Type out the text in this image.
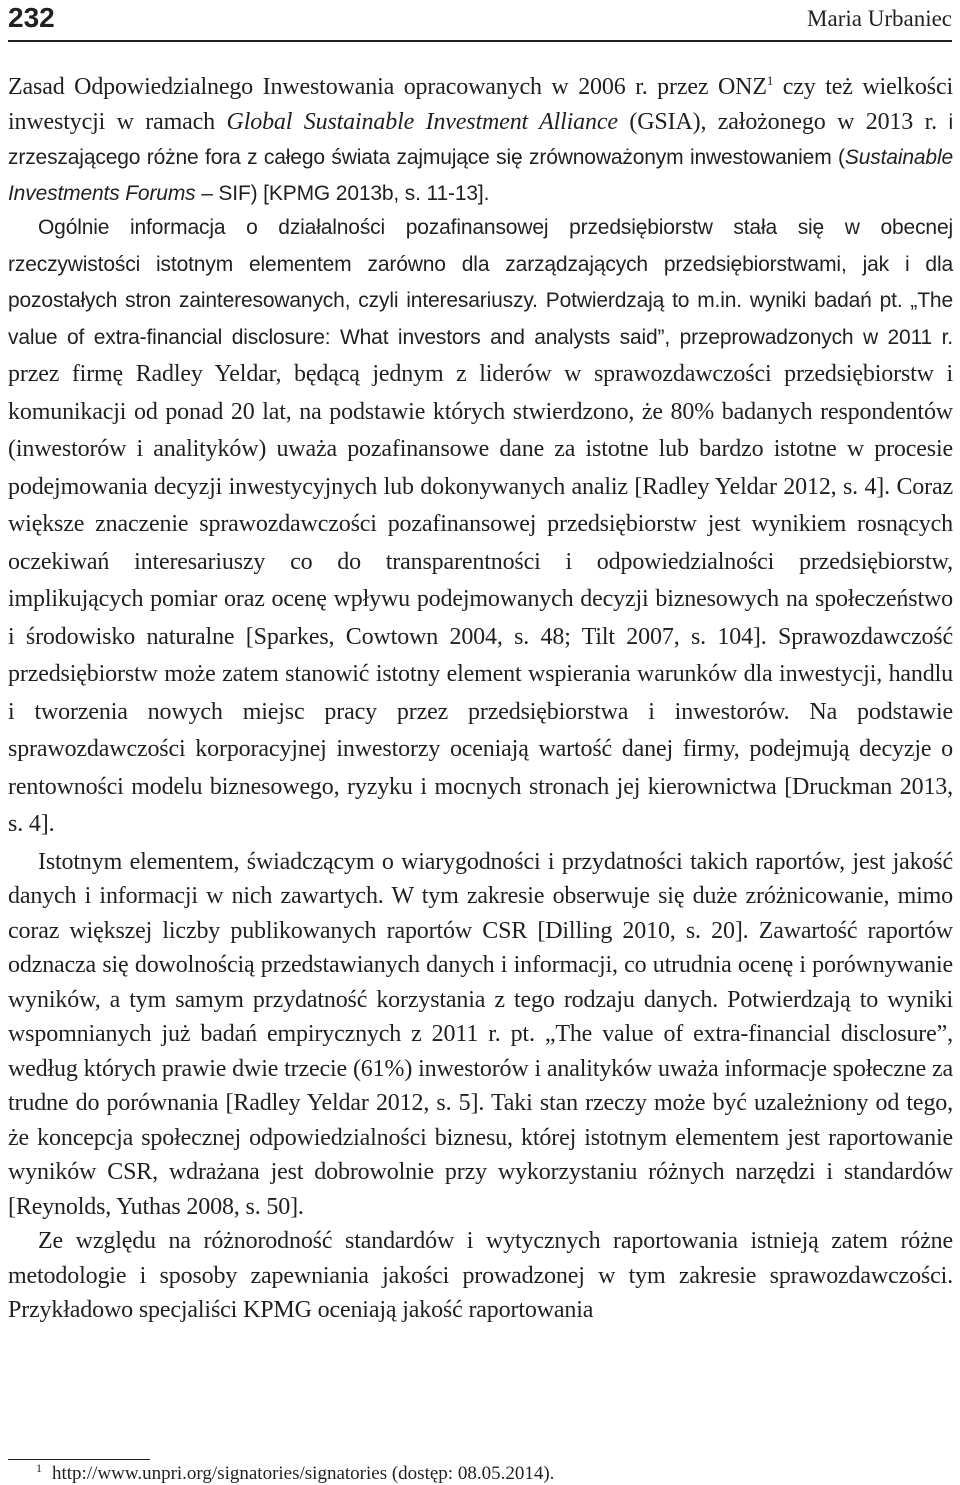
232	Maria Urbaniec

Zasad Odpowiedzialnego Inwestowania opracowanych w 2006 r. przez ONZ$^1$ czy też wielkości inwestycji w ramach Global Sustainable Investment Alliance (GSIA), założonego w 2013 r. i zrzeszającego różne fora z całego świata zajmujące się zrównoważonym inwestowaniem (Sustainable Investments Forums – SIF) [KPMG 2013b, s. 11-13].

Ogólnie informacja o działalności pozafinansowej przedsiębiorstw stała się w obecnej rzeczywistości istotnym elementem zarówno dla zarządzających przedsiębiorstwami, jak i dla pozostałych stron zainteresowanych, czyli interesariuszy. Potwierdzają to m.in. wyniki badań pt. „The value of extra-financial disclosure: What investors and analysts said”, przeprowadzonych w 2011 r. przez firmę Radley Yeldar, będącą jednym z liderów w sprawozdawczości przedsiębiorstw i komunikacji od ponad 20 lat, na podstawie których stwierdzono, że 80% badanych respondentów (inwestorów i analityków) uważa pozafinansowe dane za istotne lub bardzo istotne w procesie podejmowania decyzji inwestycyjnych lub dokonywanych analiz [Radley Yeldar 2012, s. 4]. Coraz większe znaczenie sprawozdawczości pozafinansowej przedsiębiorstw jest wynikiem rosnących oczekiwań interesariuszy co do transparentności i odpowiedzialności przedsiębiorstw, implikujących pomiar oraz ocenę wpływu podejmowanych decyzji biznesowych na społeczeństwo i środowisko naturalne [Sparkes, Cowtown 2004, s. 48; Tilt 2007, s. 104]. Sprawozdawczość przedsiębiorstw może zatem stanowić istotny element wspierania warunków dla inwestycji, handlu i tworzenia nowych miejsc pracy przez przedsiębiorstwa i inwestorów. Na podstawie sprawozdawczości korporacyjnej inwestorzy oceniają wartość danej firmy, podejmują decyzje o rentowności modelu biznesowego, ryzyku i mocnych stronach jej kierownictwa [Druckman 2013, s. 4].

Istotnym elementem, świadczącym o wiarygodności i przydatności takich raportów, jest jakość danych i informacji w nich zawartych. W tym zakresie obserwuje się duże zróżnicowanie, mimo coraz większej liczby publikowanych raportów CSR [Dilling 2010, s. 20]. Zawartość raportów odznacza się dowolnością przedstawianych danych i informacji, co utrudnia ocenę i porównywanie wyników, a tym samym przydatność korzystania z tego rodzaju danych. Potwierdzają to wyniki wspomnianych już badań empirycznych z 2011 r. pt. „The value of extra-financial disclosure”, według których prawie dwie trzecie (61%) inwestorów i analityków uważa informacje społeczne za trudne do porównania [Radley Yeldar 2012, s. 5]. Taki stan rzeczy może być uzależniony od tego, że koncepcja społecznej odpowiedzialności biznesu, której istotnym elementem jest raportowanie wyników CSR, wdrażana jest dobrowolnie przy wykorzystaniu różnych narzędzi i standardów [Reynolds, Yuthas 2008, s. 50].

Ze względu na różnorodność standardów i wytycznych raportowania istnieją zatem różne metodologie i sposoby zapewniania jakości prowadzonej w tym zakresie sprawozdawczości. Przykładowo specjaliści KPMG oceniają jakość raportowania

$^1$ http://www.unpri.org/signatories/signatories (dostęp: 08.05.2014).
